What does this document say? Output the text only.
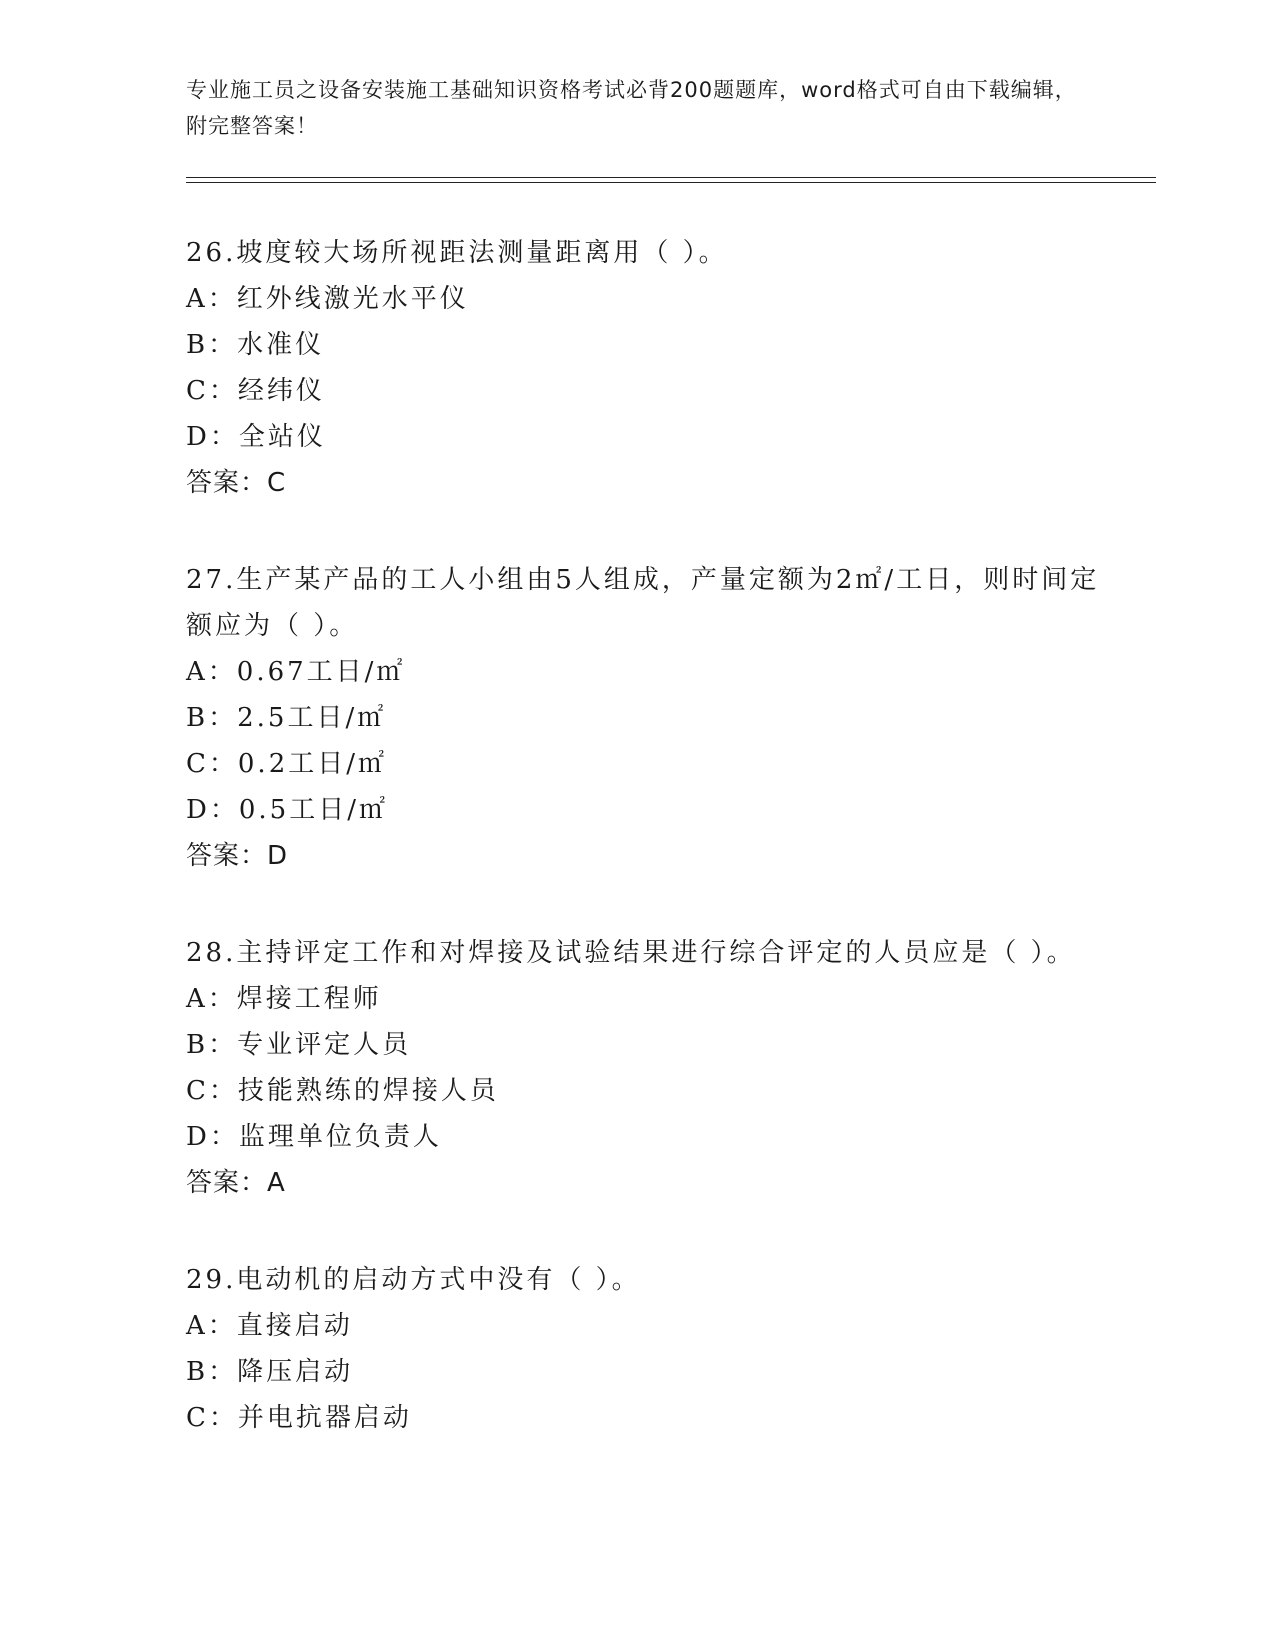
专业施工员之设备安装施工基础知识资格考试必背200题题库，word格式可自由下载编辑，附完整答案！

26.坡度较大场所视距法测量距离用（ ）。

A：红外线激光水平仪

B：水准仪

C：经纬仪

D：全站仪

答案：C

27.生产某产品的工人小组由5人组成，产量定额为2㎡/工日，则时间定额应为（ ）。

A：0.67工日/㎡

B：2.5工日/㎡

C：0.2工日/㎡

D：0.5工日/㎡

答案：D

28.主持评定工作和对焊接及试验结果进行综合评定的人员应是（ ）。

A：焊接工程师

B：专业评定人员

C：技能熟练的焊接人员

D：监理单位负责人

答案：A

29.电动机的启动方式中没有（ ）。

A：直接启动

B：降压启动

C：并电抗器启动
